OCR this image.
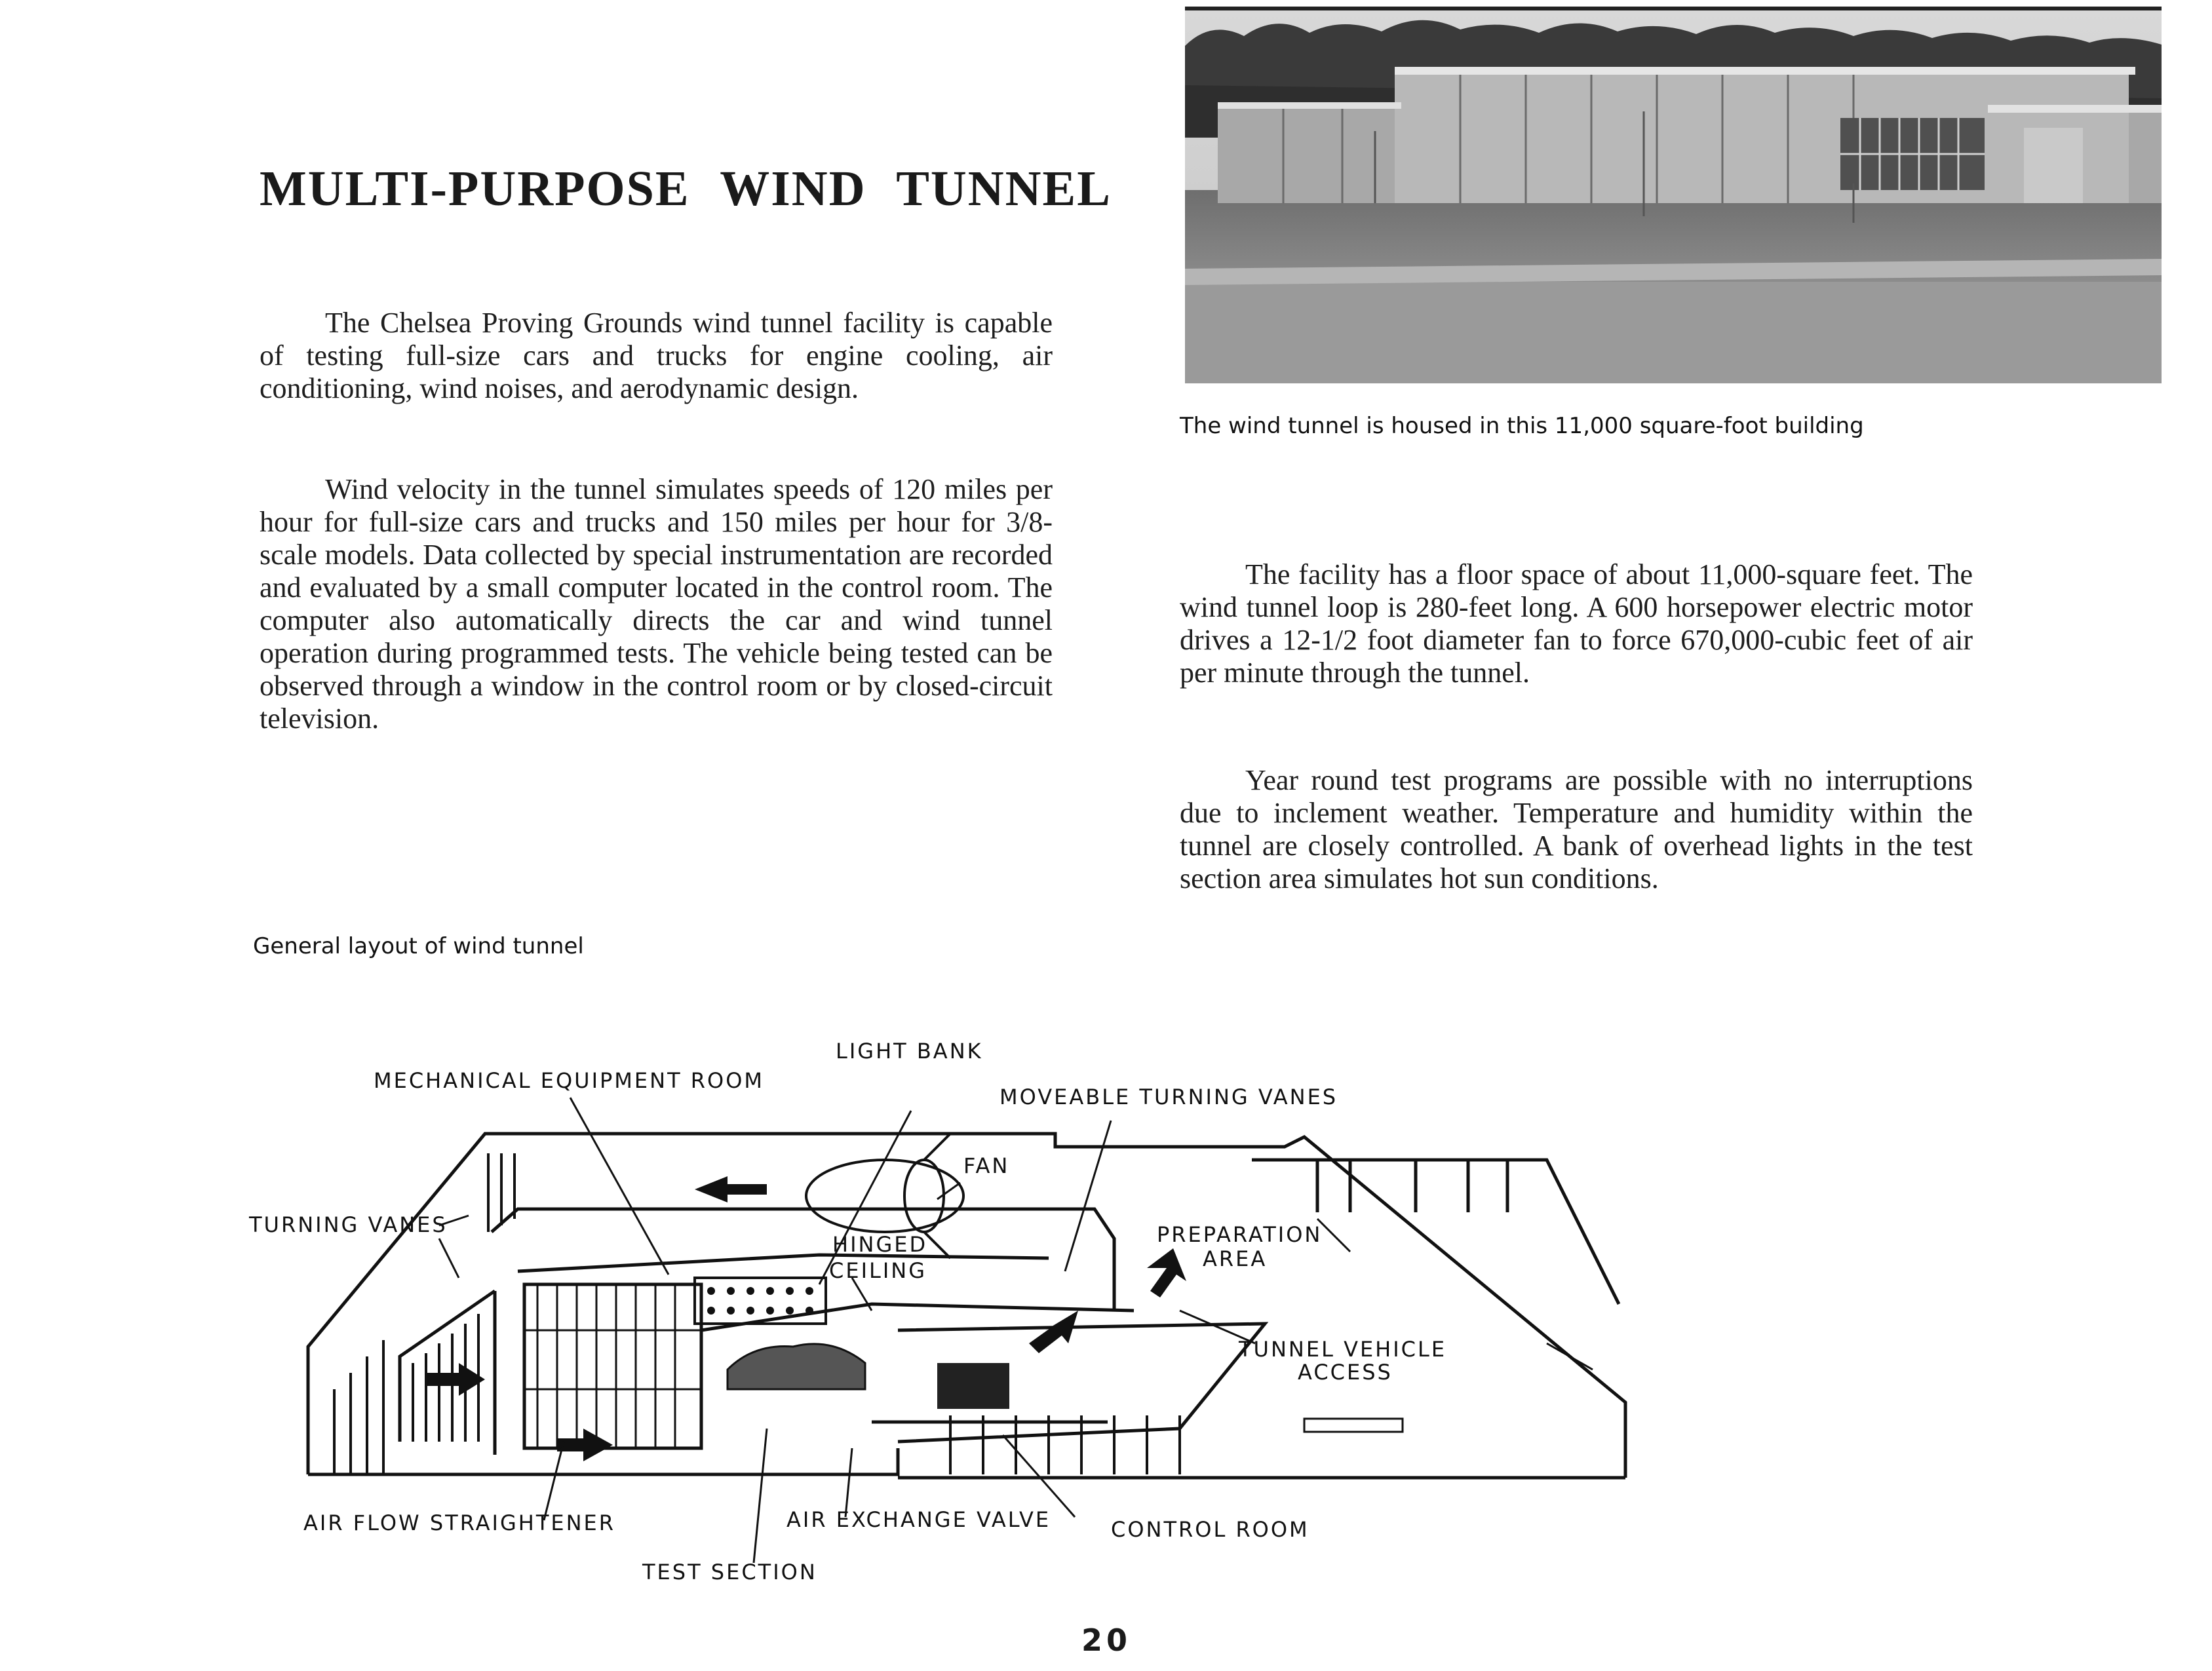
MULTI-PURPOSE WIND TUNNEL

The Chelsea Proving Grounds wind tunnel facility is capable of testing full-size cars and trucks for engine cooling, air conditioning, wind noises, and aerodynamic design.

Wind velocity in the tunnel simulates speeds of 120 miles per hour for full-size cars and trucks and 150 miles per hour for 3/8-scale models. Data collected by special instrumentation are recorded and evaluated by a small computer located in the control room. The computer also automatically directs the car and wind tunnel operation during programmed tests. The vehicle being tested can be observed through a window in the control room or by closed-circuit television.

The wind tunnel is housed in this 11,000 square-foot building

The facility has a floor space of about 11,000-square feet. The wind tunnel loop is 280-feet long. A 600 horsepower electric motor drives a 12-1/2 foot diameter fan to force 670,000-cubic feet of air per minute through the tunnel.

Year round test programs are possible with no interruptions due to inclement weather. Temperature and humidity within the tunnel are closely controlled. A bank of overhead lights in the test section area simulates hot sun conditions.

General layout of wind tunnel

LIGHT BANK
MECHANICAL EQUIPMENT ROOM
MOVEABLE TURNING VANES
FAN
TURNING VANES
HINGED
CEILING
PREPARATION
AREA
TUNNEL VEHICLE
ACCESS
AIR FLOW STRAIGHTENER	AIR EXCHANGE VALVE	CONTROL ROOM
TEST SECTION

20
